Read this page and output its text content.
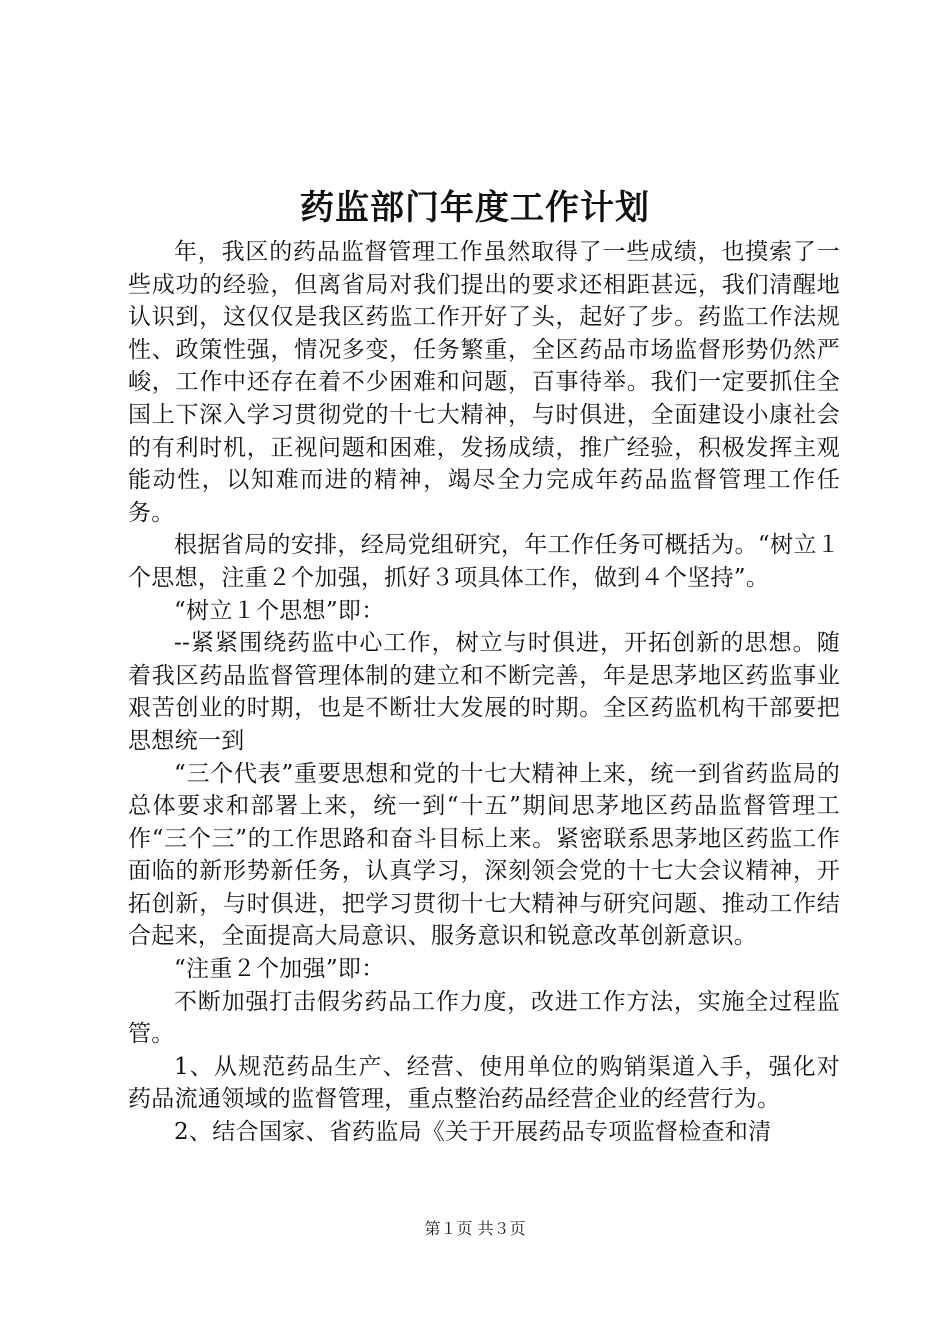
药监部门年度工作计划

年，我区的药品监督管理工作虽然取得了一些成绩，也摸索了一些成功的经验，但离省局对我们提出的要求还相距甚远，我们清醒地认识到，这仅仅是我区药监工作开好了头，起好了步。药监工作法规性、政策性强，情况多变，任务繁重，全区药品市场监督形势仍然严峻，工作中还存在着不少困难和问题，百事待举。我们一定要抓住全国上下深入学习贯彻党的十七大精神，与时俱进，全面建设小康社会的有利时机，正视问题和困难，发扬成绩，推广经验，积极发挥主观能动性，以知难而进的精神，竭尽全力完成年药品监督管理工作任务。

根据省局的安排，经局党组研究，年工作任务可概括为。“树立１个思想，注重２个加强，抓好３项具体工作，做到４个坚持”。

“树立１个思想”即：

--紧紧围绕药监中心工作，树立与时俱进，开拓创新的思想。随着我区药品监督管理体制的建立和不断完善，年是思茅地区药监事业艰苦创业的时期，也是不断壮大发展的时期。全区药监机构干部要把思想统一到

“三个代表”重要思想和党的十七大精神上来，统一到省药监局的总体要求和部署上来，统一到“十五”期间思茅地区药品监督管理工作“三个三”的工作思路和奋斗目标上来。紧密联系思茅地区药监工作面临的新形势新任务，认真学习，深刻领会党的十七大会议精神，开拓创新，与时俱进，把学习贯彻十七大精神与研究问题、推动工作结合起来，全面提高大局意识、服务意识和锐意改革创新意识。

“注重２个加强”即：

不断加强打击假劣药品工作力度，改进工作方法，实施全过程监管。

1、从规范药品生产、经营、使用单位的购销渠道入手，强化对药品流通领域的监督管理，重点整治药品经营企业的经营行为。

2、结合国家、省药监局《关于开展药品专项监督检查和清

第１页 共３页
